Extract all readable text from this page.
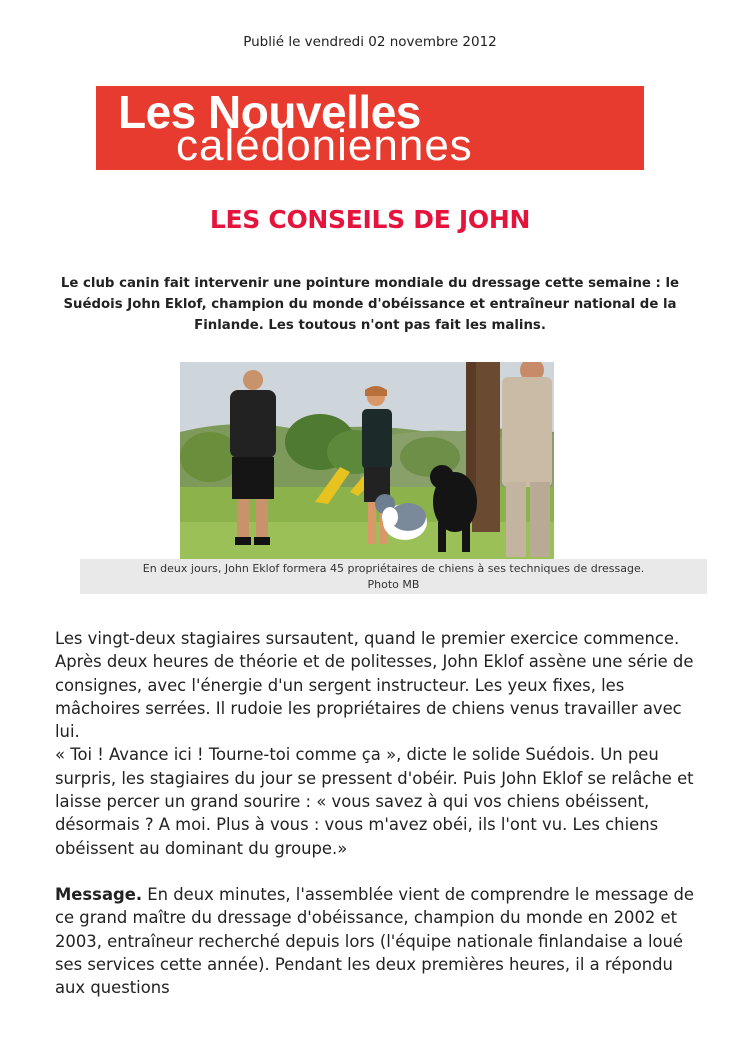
Publié le vendredi 02 novembre 2012
Les Nouvelles
calédoniennes
LES CONSEILS DE JOHN
Le club canin fait intervenir une pointure mondiale du dressage cette semaine : le Suédois John Eklof, champion du monde d'obéissance et entraîneur national de la Finlande. Les toutous n'ont pas fait les malins.
En deux jours, John Eklof formera 45 propriétaires de chiens à ses techniques de dressage.
Photo MB

Les vingt-deux stagiaires sursautent, quand le premier exercice commence. Après deux heures de théorie et de politesses, John Eklof assène une série de consignes, avec l'énergie d'un sergent instructeur. Les yeux fixes, les mâchoires serrées. Il rudoie les propriétaires de chiens venus travailler avec lui.

« Toi ! Avance ici ! Tourne-toi comme ça », dicte le solide Suédois. Un peu surpris, les stagiaires du jour se pressent d'obéir. Puis John Eklof se relâche et laisse percer un grand sourire : « vous savez à qui vos chiens obéissent, désormais ? A moi. Plus à vous : vous m'avez obéi, ils l'ont vu. Les chiens obéissent au dominant du groupe.»

Message. En deux minutes, l'assemblée vient de comprendre le message de ce grand maître du dressage d'obéissance, champion du monde en 2002 et 2003, entraîneur recherché depuis lors (l'équipe nationale finlandaise a loué ses services cette année). Pendant les deux premières heures, il a répondu aux questions
